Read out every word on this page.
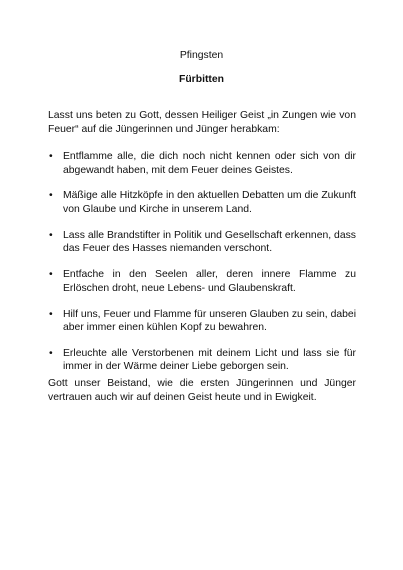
Pfingsten
Fürbitten
Lasst uns beten zu Gott, dessen Heiliger Geist „in Zungen wie von Feuer“ auf die Jüngerinnen und Jünger herabkam:
• Entflamme alle, die dich noch nicht kennen oder sich von dir abgewandt haben, mit dem Feuer deines Geistes.
• Mäßige alle Hitzköpfe in den aktuellen Debatten um die Zukunft von Glaube und Kirche in unserem Land.
• Lass alle Brandstifter in Politik und Gesellschaft erkennen, dass das Feuer des Hasses niemanden verschont.
• Entfache in den Seelen aller, deren innere Flamme zu Erlöschen droht, neue Lebens- und Glaubenskraft.
• Hilf uns, Feuer und Flamme für unseren Glauben zu sein, dabei aber immer einen kühlen Kopf zu bewahren.
• Erleuchte alle Verstorbenen mit deinem Licht und lass sie für immer in der Wärme deiner Liebe geborgen sein.
Gott unser Beistand, wie die ersten Jüngerinnen und Jünger vertrauen auch wir auf deinen Geist heute und in Ewigkeit.
